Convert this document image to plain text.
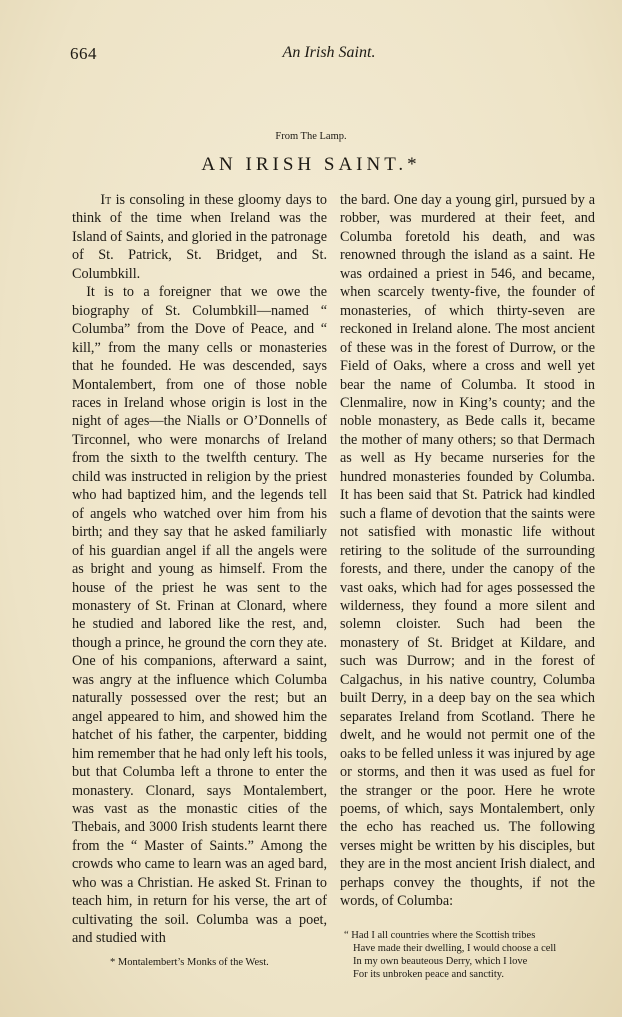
664	An Irish Saint.
From The Lamp.
AN IRISH SAINT.*

It is consoling in these gloomy days to think of the time when Ireland was the Island of Saints, and gloried in the patronage of St. Patrick, St. Bridget, and St. Columbkill.

It is to a foreigner that we owe the biography of St. Columbkill—named “ Columba” from the Dove of Peace, and “ kill,” from the many cells or monasteries that he founded. He was descended, says Montalembert, from one of those noble races in Ireland whose origin is lost in the night of ages—the Nialls or O’Donnells of Tirconnel, who were monarchs of Ireland from the sixth to the twelfth century. The child was instructed in religion by the priest who had baptized him, and the legends tell of angels who watched over him from his birth; and they say that he asked familiarly of his guardian angel if all the angels were as bright and young as himself. From the house of the priest he was sent to the monastery of St. Frinan at Clonard, where he studied and labored like the rest, and, though a prince, he ground the corn they ate. One of his companions, afterward a saint, was angry at the influence which Columba naturally possessed over the rest; but an angel appeared to him, and showed him the hatchet of his father, the carpenter, bidding him remember that he had only left his tools, but that Columba left a throne to enter the monastery. Clonard, says Montalembert, was vast as the monastic cities of the Thebais, and 3000 Irish students learnt there from the “ Master of Saints.” Among the crowds who came to learn was an aged bard, who was a Christian. He asked St. Frinan to teach him, in return for his verse, the art of cultivating the soil. Columba was a poet, and studied with

the bard. One day a young girl, pursued by a robber, was murdered at their feet, and Columba foretold his death, and was renowned through the island as a saint. He was ordained a priest in 546, and became, when scarcely twenty-five, the founder of monasteries, of which thirty-seven are reckoned in Ireland alone. The most ancient of these was in the forest of Durrow, or the Field of Oaks, where a cross and well yet bear the name of Columba. It stood in Clenmalire, now in King’s county; and the noble monastery, as Bede calls it, became the mother of many others; so that Dermach as well as Hy became nurseries for the hundred monasteries founded by Columba. It has been said that St. Patrick had kindled such a flame of devotion that the saints were not satisfied with monastic life without retiring to the solitude of the surrounding forests, and there, under the canopy of the vast oaks, which had for ages possessed the wilderness, they found a more silent and solemn cloister. Such had been the monastery of St. Bridget at Kildare, and such was Durrow; and in the forest of Calgachus, in his native country, Columba built Derry, in a deep bay on the sea which separates Ireland from Scotland. There he dwelt, and he would not permit one of the oaks to be felled unless it was injured by age or storms, and then it was used as fuel for the stranger or the poor. Here he wrote poems, of which, says Montalembert, only the echo has reached us. The following verses might be written by his disciples, but they are in the most ancient Irish dialect, and perhaps convey the thoughts, if not the words, of Columba:

“ Had I all countries where the Scottish tribes
Have made their dwelling, I would choose a cell
In my own beauteous Derry, which I love
For its unbroken peace and sanctity.
* Montalembert’s Monks of the West.
